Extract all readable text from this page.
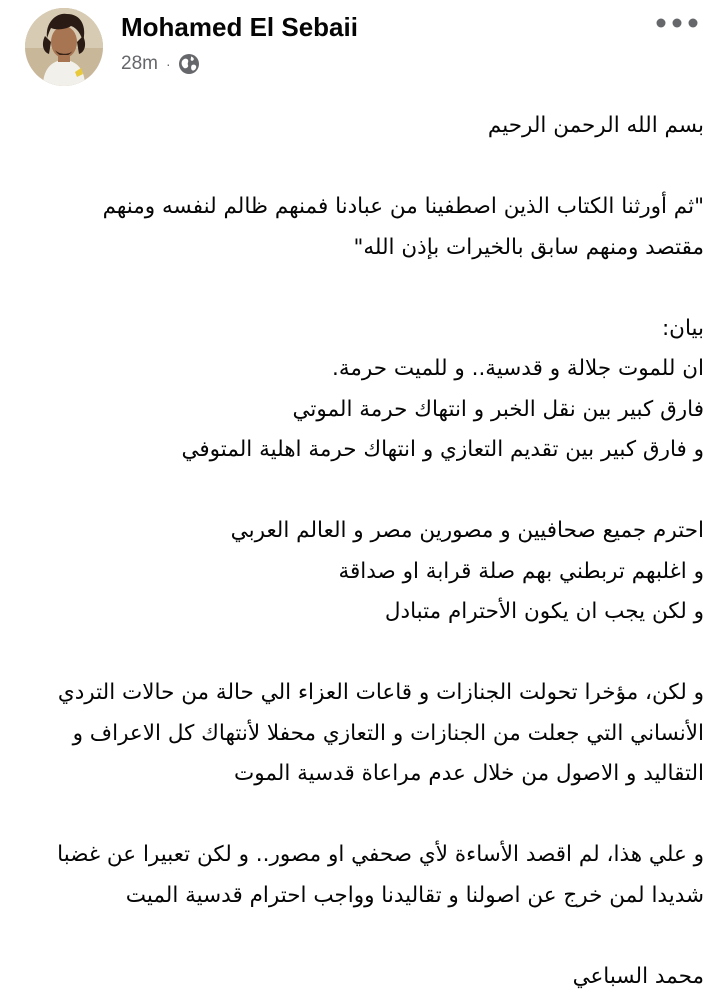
Mohamed El Sebaii
28m ·
بسم الله الرحمن الرحيم
"ثم أورثنا الكتاب الذين اصطفينا من عبادنا فمنهم ظالم لنفسه ومنهم
مقتصد ومنهم سابق بالخيرات بإذن الله"
بيان:
ان للموت جلالة و قدسية.. و للميت حرمة.
فارق كبير بين نقل الخبر و انتهاك حرمة الموتي
و فارق كبير بين تقديم التعازي و انتهاك حرمة اهلية المتوفي
احترم جميع صحافيين و مصورين مصر و العالم العربي
و اغلبهم تربطني بهم صلة قرابة او صداقة
و لكن يجب ان يكون الأحترام متبادل
و لكن، مؤخرا تحولت الجنازات و قاعات العزاء الي حالة من حالات التردي
الأنساني التي جعلت من الجنازات و التعازي محفلا لأنتهاك كل الاعراف و
التقاليد و الاصول من خلال عدم مراعاة قدسية الموت
و علي هذا، لم اقصد الأساءة لأي صحفي او مصور.. و لكن تعبيرا عن غضبا
شديدا لمن خرج عن اصولنا و تقاليدنا وواجب احترام قدسية الميت
محمد السباعي
